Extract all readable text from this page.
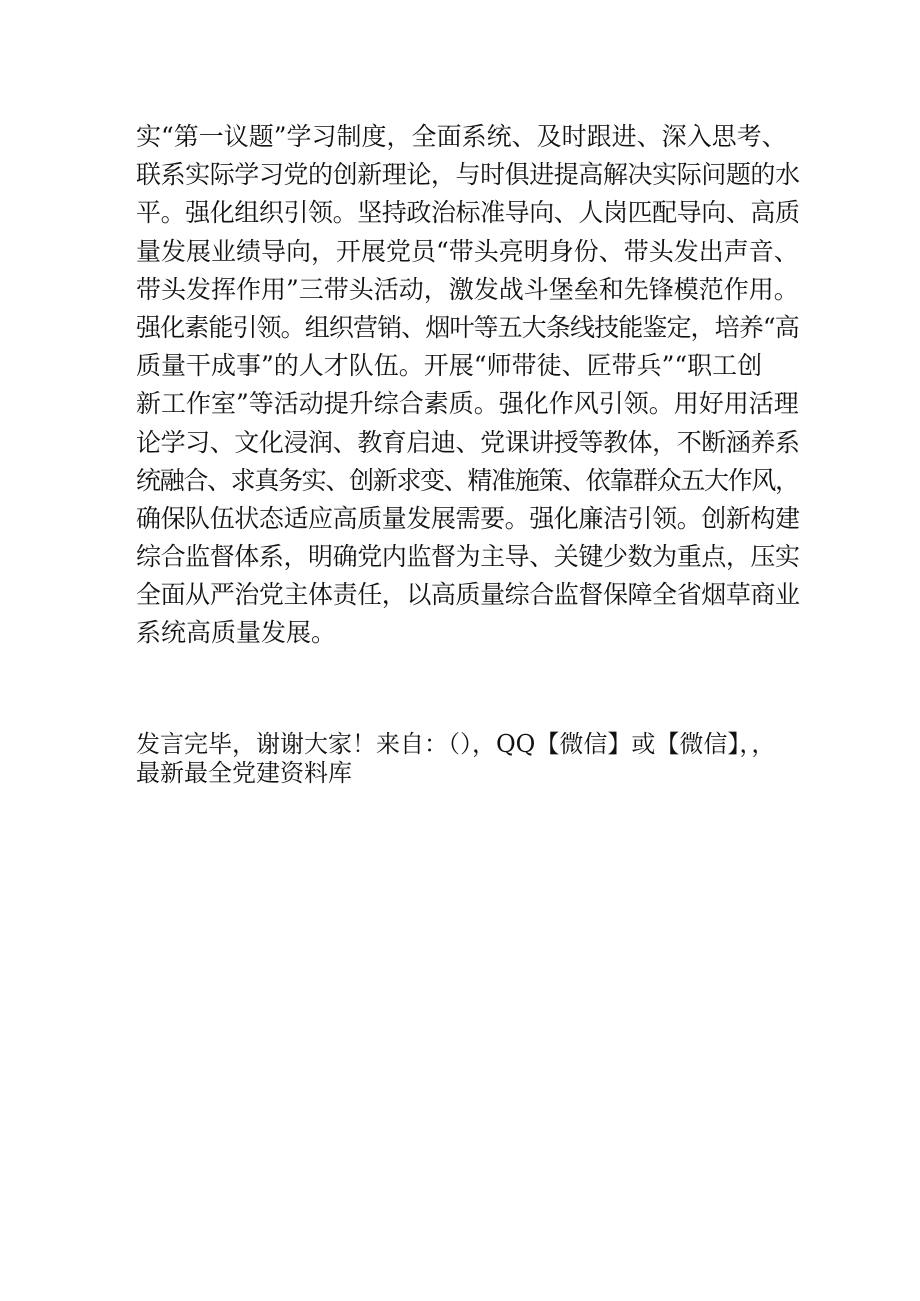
实“第一议题”学习制度，全面系统、及时跟进、深入思考、
联系实际学习党的创新理论，与时俱进提高解决实际问题的水
平。强化组织引领。坚持政治标准导向、人岗匹配导向、高质
量发展业绩导向，开展党员“带头亮明身份、带头发出声音、
带头发挥作用”三带头活动，激发战斗堡垒和先锋模范作用。
强化素能引领。组织营销、烟叶等五大条线技能鉴定，培养“高
质量干成事”的人才队伍。开展“师带徒、匠带兵”“职工创
新工作室”等活动提升综合素质。强化作风引领。用好用活理
论学习、文化浸润、教育启迪、党课讲授等教体，不断涵养系
统融合、求真务实、创新求变、精准施策、依靠群众五大作风，
确保队伍状态适应高质量发展需要。强化廉洁引领。创新构建
综合监督体系，明确党内监督为主导、关键少数为重点，压实
全面从严治党主体责任，以高质量综合监督保障全省烟草商业
系统高质量发展。
发言完毕，谢谢大家！来自：（），QQ【微信】或【微信】，，
最新最全党建资料库
